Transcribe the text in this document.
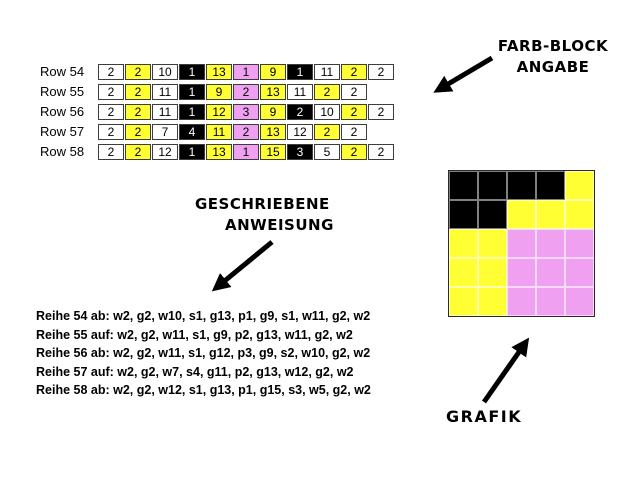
Row 54	2	2	10	1	13	1	9	1	11	2	2
Row 55	2	2	11	1	9	2	13	11	2	2
Row 56	2	2	11	1	12	3	9	2	10	2	2
Row 57	2	2	7	4	11	2	13	12	2	2
Row 58	2	2	12	1	13	1	15	3	5	2	2
FARB-BLOCK
ANGABE
GESCHRIEBENE
ANWEISUNG
GRAFIK
Reihe 54 ab: w2, g2, w10, s1, g13, p1, g9, s1, w11, g2, w2
Reihe 55 auf: w2, g2, w11, s1, g9, p2, g13, w11, g2, w2
Reihe 56 ab: w2, g2, w11, s1, g12, p3, g9, s2, w10, g2, w2
Reihe 57 auf: w2, g2, w7, s4, g11, p2, g13, w12, g2, w2
Reihe 58 ab: w2, g2, w12, s1, g13, p1, g15, s3, w5, g2, w2
